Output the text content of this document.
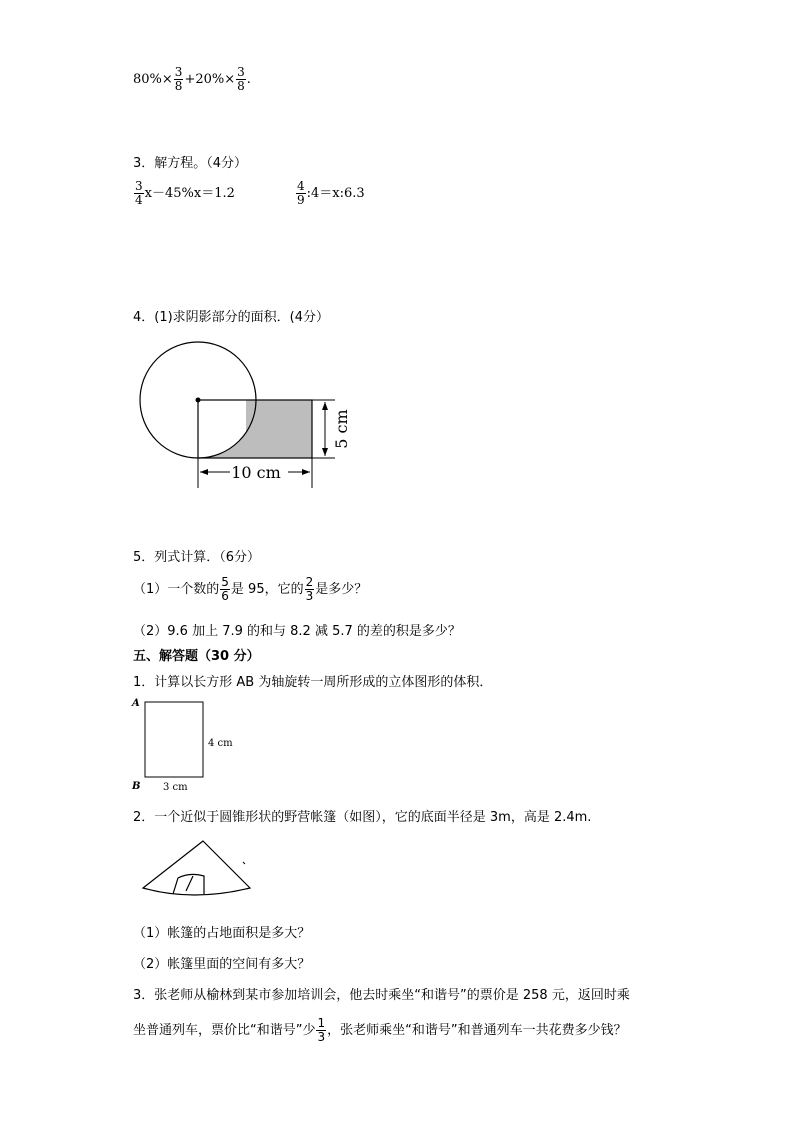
$80\%\times \frac{3}{8} +20\%\times \frac{3}{8}$ .
3．解方程。（4分）
$\frac{3}{4} x-45\%x=1.2$	$\frac{4}{9}$ :4＝x:6.3
4．(1)求阴影部分的面积．(4分）
10 cm
5 cm
5．列式计算．（6分）
（1）一个数的 $\frac{5}{6}$ 是 95，它的 $\frac{2}{3}$ 是多少？
（2）9.6 加上 7.9 的和与 8.2 减 5.7 的差的积是多少？
五、解答题（30 分）
1．计算以长方形 AB 为轴旋转一周所形成的立体图形的体积．
A
B
4 cm
3 cm
2．一个近似于圆锥形状的野营帐篷（如图），它的底面半径是 3m，高是 2.4m.
（1）帐篷的占地面积是多大？
（2）帐篷里面的空间有多大？
3．张老师从榆林到某市参加培训会，他去时乘坐“和谐号”的票价是 258 元，返回时乘
坐普通列车，票价比“和谐号”少 $\frac{1}{3}$ ，张老师乘坐“和谐号”和普通列车一共花费多少钱？
